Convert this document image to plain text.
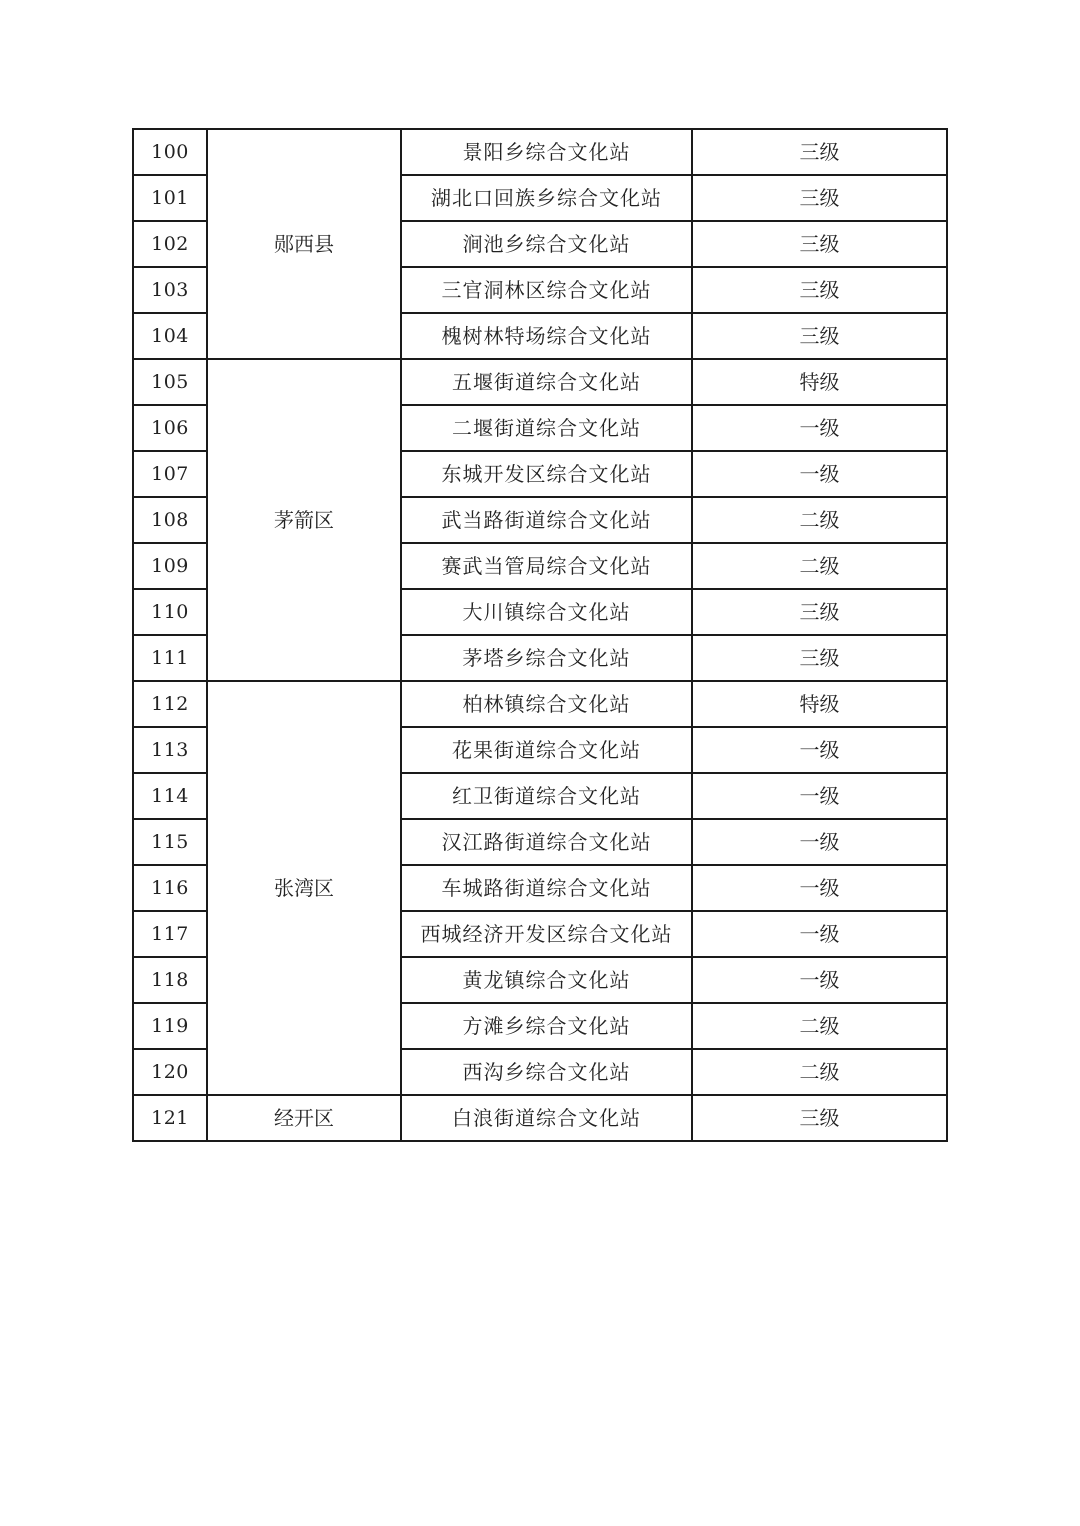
100	郧西县	景阳乡综合文化站	三级
101		湖北口回族乡综合文化站	三级
102		涧池乡综合文化站	三级
103		三官洞林区综合文化站	三级
104		槐树林特场综合文化站	三级
105	茅箭区	五堰街道综合文化站	特级
106		二堰街道综合文化站	一级
107		东城开发区综合文化站	一级
108		武当路街道综合文化站	二级
109		赛武当管局综合文化站	二级
110		大川镇综合文化站	三级
111		茅塔乡综合文化站	三级
112	张湾区	柏林镇综合文化站	特级
113		花果街道综合文化站	一级
114		红卫街道综合文化站	一级
115		汉江路街道综合文化站	一级
116		车城路街道综合文化站	一级
117		西城经济开发区综合文化站	一级
118		黄龙镇综合文化站	一级
119		方滩乡综合文化站	二级
120		西沟乡综合文化站	二级
121	经开区	白浪街道综合文化站	三级
